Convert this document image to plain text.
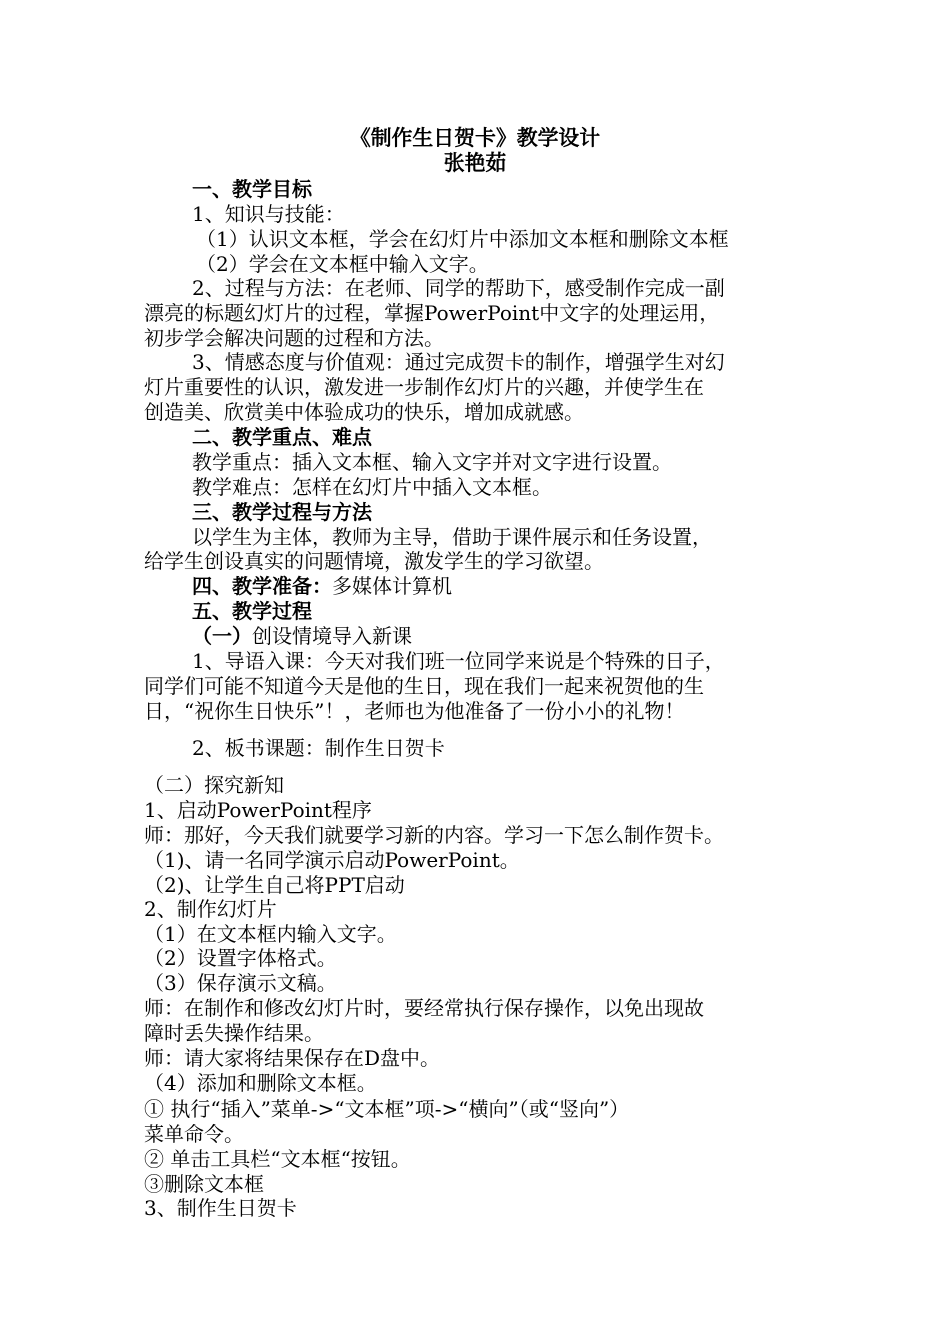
《制作生日贺卡》教学设计
张艳茹
一、教学目标
1、知识与技能：
（1）认识文本框，学会在幻灯片中添加文本框和删除文本框
（2）学会在文本框中输入文字。
2、过程与方法：在老师、同学的帮助下，感受制作完成一副
漂亮的标题幻灯片的过程，掌握PowerPoint中文字的处理运用，
初步学会解决问题的过程和方法。
3、情感态度与价值观：通过完成贺卡的制作，增强学生对幻
灯片重要性的认识，激发进一步制作幻灯片的兴趣，并使学生在
创造美、欣赏美中体验成功的快乐，增加成就感。
二、教学重点、难点
教学重点：插入文本框、输入文字并对文字进行设置。
教学难点：怎样在幻灯片中插入文本框。
三、教学过程与方法
以学生为主体，教师为主导，借助于课件展示和任务设置，
给学生创设真实的问题情境，激发学生的学习欲望。
四、教学准备：多媒体计算机
五、教学过程
（一）创设情境导入新课
1、导语入课：今天对我们班一位同学来说是个特殊的日子，
同学们可能不知道今天是他的生日，现在我们一起来祝贺他的生
日，“祝你生日快乐”！，老师也为他准备了一份小小的礼物！
2、板书课题：制作生日贺卡
（二）探究新知
1、启动PowerPoint程序
师：那好，今天我们就要学习新的内容。学习一下怎么制作贺卡。
（1)、请一名同学演示启动PowerPoint。
（2)、让学生自己将PPT启动
2、制作幻灯片
（1）在文本框内输入文字。
（2）设置字体格式。
（3）保存演示文稿。
师：在制作和修改幻灯片时，要经常执行保存操作，以免出现故
障时丢失操作结果。
师：请大家将结果保存在D盘中。
（4）添加和删除文本框。
① 执行“插入”菜单->“文本框”项->“横向”（或“竖向”）
菜单命令。
② 单击工具栏“文本框“按钮。
③删除文本框
3、制作生日贺卡
